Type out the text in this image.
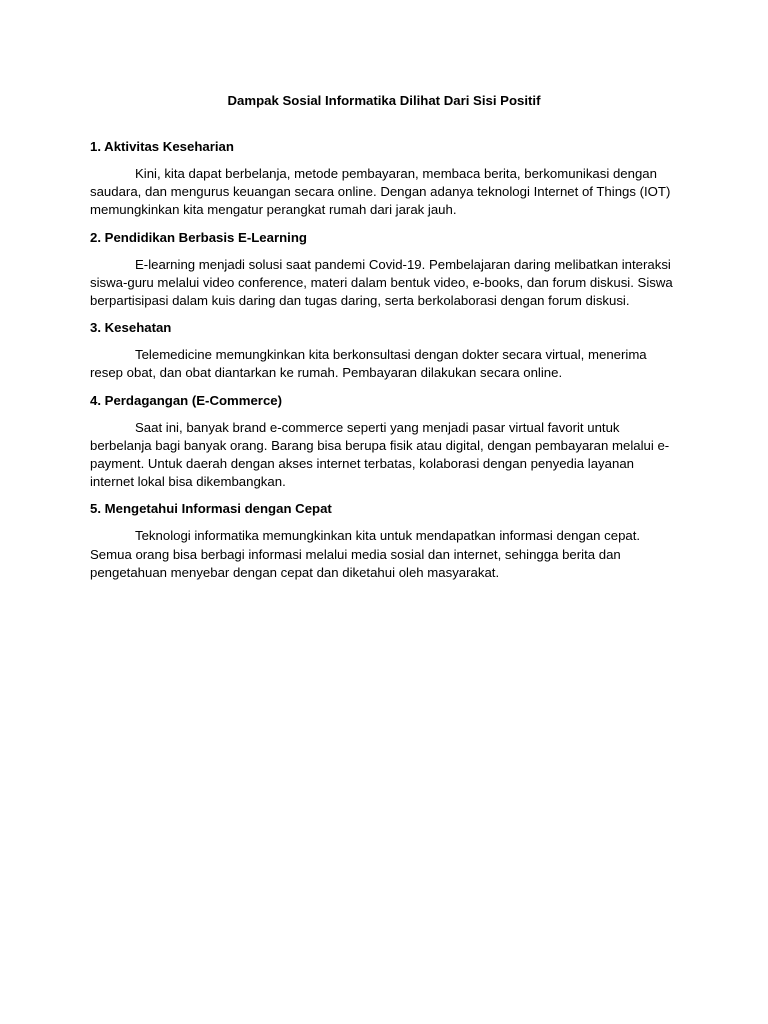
Dampak Sosial Informatika Dilihat Dari Sisi Positif
1. Aktivitas Keseharian

Kini, kita dapat berbelanja, metode pembayaran, membaca berita, berkomunikasi dengan saudara, dan mengurus keuangan secara online. Dengan adanya teknologi Internet of Things (IOT) memungkinkan kita mengatur perangkat rumah dari jarak jauh.

2. Pendidikan Berbasis E-Learning

E-learning menjadi solusi saat pandemi Covid-19. Pembelajaran daring melibatkan interaksi siswa-guru melalui video conference, materi dalam bentuk video, e-books, dan forum diskusi. Siswa berpartisipasi dalam kuis daring dan tugas daring, serta berkolaborasi dengan forum diskusi.

3. Kesehatan

Telemedicine memungkinkan kita berkonsultasi dengan dokter secara virtual, menerima resep obat, dan obat diantarkan ke rumah. Pembayaran dilakukan secara online.

4. Perdagangan (E-Commerce)

Saat ini, banyak brand e-commerce seperti yang menjadi pasar virtual favorit untuk berbelanja bagi banyak orang. Barang bisa berupa fisik atau digital, dengan pembayaran melalui e-payment. Untuk daerah dengan akses internet terbatas, kolaborasi dengan penyedia layanan internet lokal bisa dikembangkan.

5. Mengetahui Informasi dengan Cepat

Teknologi informatika memungkinkan kita untuk mendapatkan informasi dengan cepat. Semua orang bisa berbagi informasi melalui media sosial dan internet, sehingga berita dan pengetahuan menyebar dengan cepat dan diketahui oleh masyarakat.
